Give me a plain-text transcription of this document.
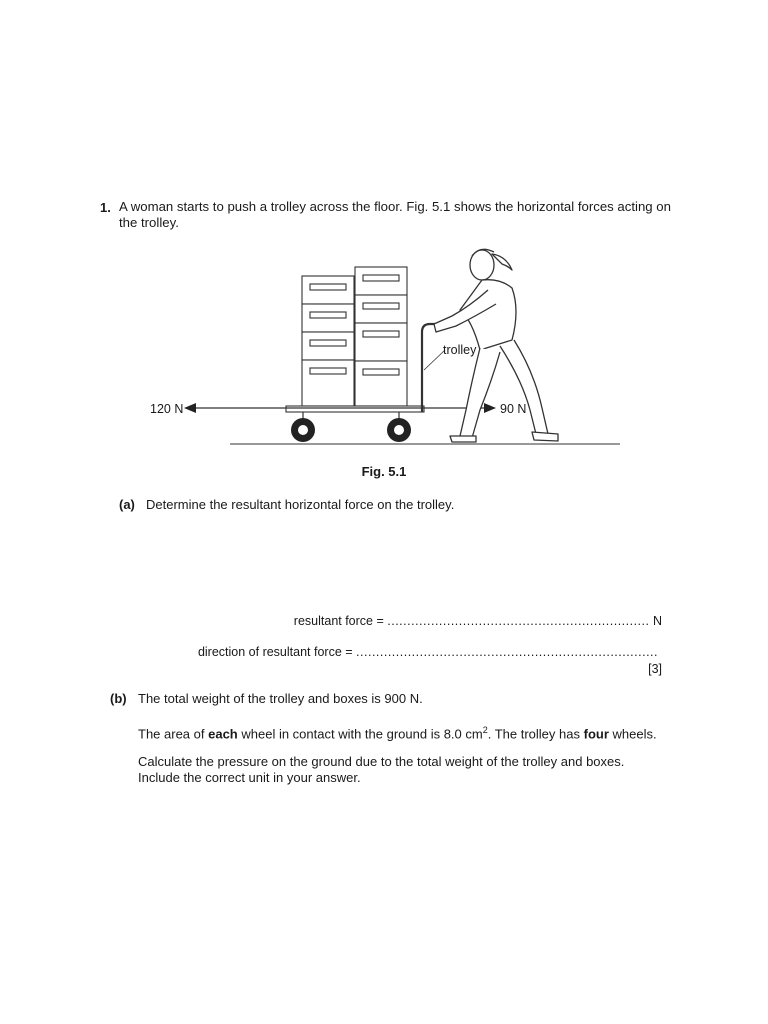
1. A woman starts to push a trolley across the floor. Fig. 5.1 shows the horizontal forces acting on the trolley.
120 N	90 N
trolley
Fig. 5.1
(a) Determine the resultant horizontal force on the trolley.
resultant force = .................................................................. N
direction of resultant force = ............................................................................
[3]
(b) The total weight of the trolley and boxes is 900 N.
The area of each wheel in contact with the ground is 8.0 $cm^2$. The trolley has four wheels.
Calculate the pressure on the ground due to the total weight of the trolley and boxes. Include the correct unit in your answer.
